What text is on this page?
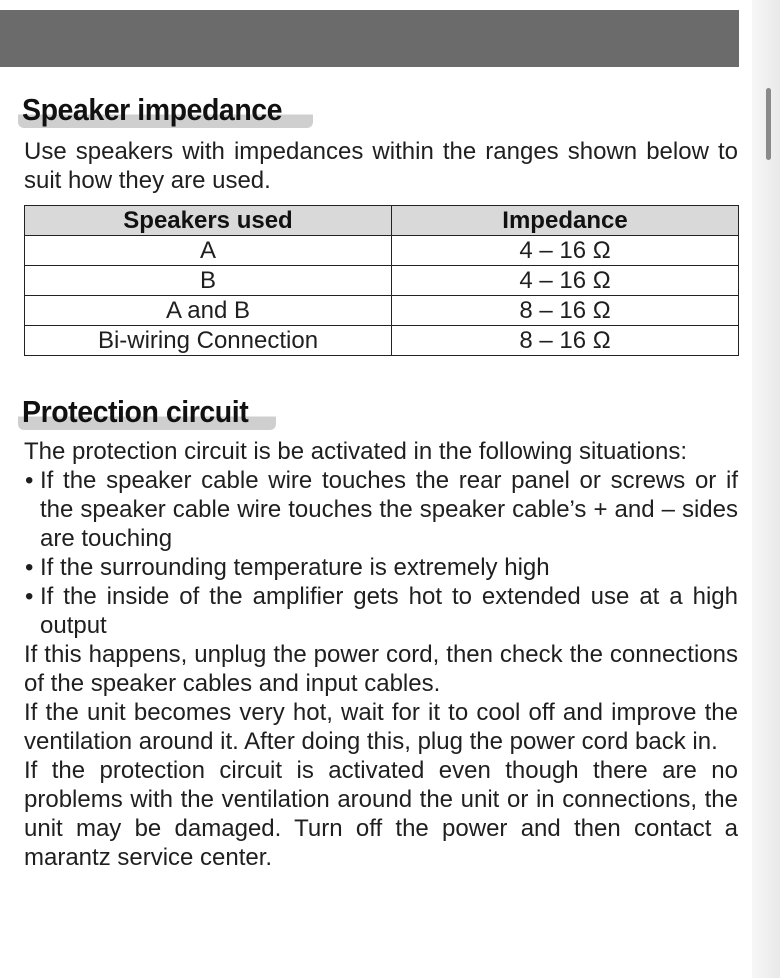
Speaker impedance
Use speakers with impedances within the ranges shown below to suit how they are used.
Speakers used	Impedance
A	4 – 16 Ω
B	4 – 16 Ω
A and B	8 – 16 Ω
Bi-wiring Connection	8 – 16 Ω
Protection circuit
The protection circuit is be activated in the following situations:
• If the speaker cable wire touches the rear panel or screws or if the speaker cable wire touches the speaker cable’s + and – sides are touching
• If the surrounding temperature is extremely high
• If the inside of the amplifier gets hot to extended use at a high output
If this happens, unplug the power cord, then check the connections of the speaker cables and input cables.
If the unit becomes very hot, wait for it to cool off and improve the ventilation around it. After doing this, plug the power cord back in.
If the protection circuit is activated even though there are no problems with the ventilation around the unit or in connections, the unit may be damaged. Turn off the power and then contact a marantz service center.
